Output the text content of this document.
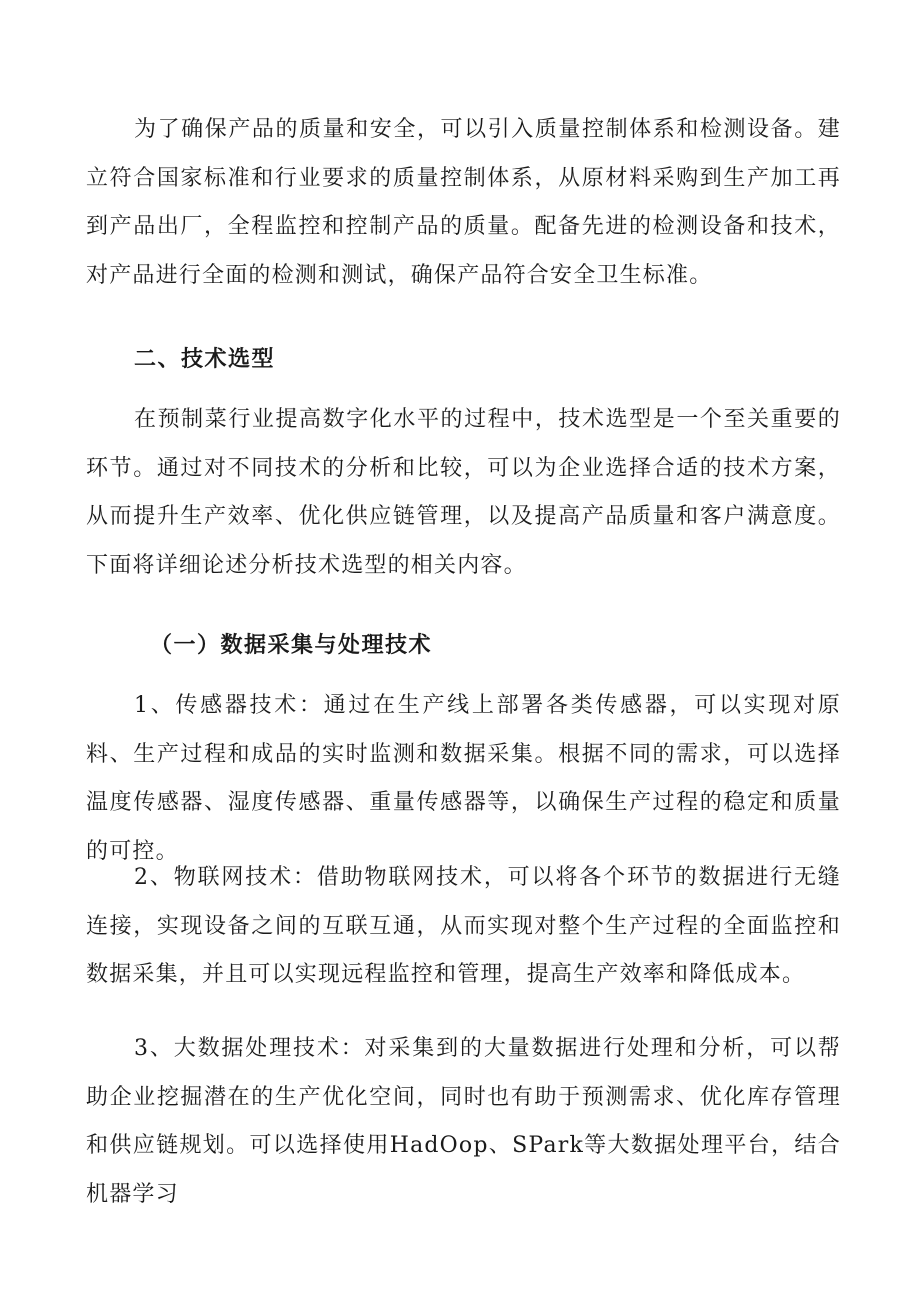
为了确保产品的质量和安全，可以引入质量控制体系和检测设备。建立符合国家标准和行业要求的质量控制体系，从原材料采购到生产加工再到产品出厂，全程监控和控制产品的质量。配备先进的检测设备和技术，对产品进行全面的检测和测试，确保产品符合安全卫生标准。

二、技术选型

在预制菜行业提高数字化水平的过程中，技术选型是一个至关重要的环节。通过对不同技术的分析和比较，可以为企业选择合适的技术方案，从而提升生产效率、优化供应链管理，以及提高产品质量和客户满意度。下面将详细论述分析技术选型的相关内容。

（一）数据采集与处理技术

1、传感器技术：通过在生产线上部署各类传感器，可以实现对原料、生产过程和成品的实时监测和数据采集。根据不同的需求，可以选择温度传感器、湿度传感器、重量传感器等，以确保生产过程的稳定和质量的可控。

2、物联网技术：借助物联网技术，可以将各个环节的数据进行无缝连接，实现设备之间的互联互通，从而实现对整个生产过程的全面监控和数据采集，并且可以实现远程监控和管理，提高生产效率和降低成本。

3、大数据处理技术：对采集到的大量数据进行处理和分析，可以帮助企业挖掘潜在的生产优化空间，同时也有助于预测需求、优化库存管理和供应链规划。可以选择使用HadOop、SPark等大数据处理平台，结合机器学习
